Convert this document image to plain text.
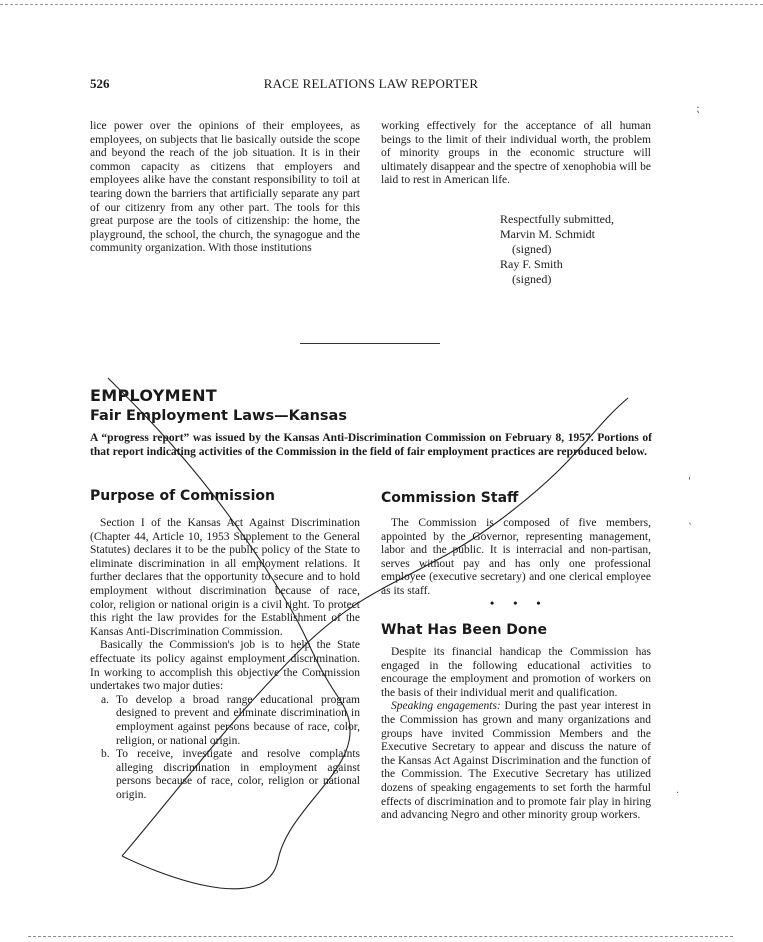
526	RACE RELATIONS LAW REPORTER

lice power over the opinions of their employees, as employees, on subjects that lie basically outside the scope and beyond the reach of the job situation. It is in their common capacity as citizens that employers and employees alike have the constant responsibility to toil at tearing down the barriers that artificially separate any part of our citizenry from any other part. The tools for this great purpose are the tools of citizenship: the home, the playground, the school, the church, the synagogue and the community organization. With those institutions

working effectively for the acceptance of all human beings to the limit of their individual worth, the problem of minority groups in the economic structure will ultimately disappear and the spectre of xenophobia will be laid to rest in American life.

Respectfully submitted,
Marvin M. Schmidt
(signed)
Ray F. Smith
(signed)
EMPLOYMENT
Fair Employment Laws—Kansas
A “progress report” was issued by the Kansas Anti-Discrimination Commission on February 8, 1957. Portions of that report indicating activities of the Commission in the field of fair employment practices are reproduced below.
Purpose of Commission

Section I of the Kansas Act Against Discrimination (Chapter 44, Article 10, 1953 Supplement to the General Statutes) declares it to be the public policy of the State to eliminate discrimination in all employment relations. It further declares that the opportunity to secure and to hold employment without discrimination because of race, color, religion or national origin is a civil right. To protect this right the law provides for the Establishment of the Kansas Anti-Discrimination Commission.

Basically the Commission's job is to help the State effectuate its policy against employment discrimination. In working to accomplish this objective the Commission undertakes two major duties:

a. To develop a broad range educational program designed to prevent and eliminate discrimination in employment against persons because of race, color, religion, or national origin.
b. To receive, investigate and resolve complaints alleging discrimination in employment against persons because of race, color, religion or national origin.
Commission Staff

The Commission is composed of five members, appointed by the Governor, representing management, labor and the public. It is interracial and non-partisan, serves without pay and has only one professional employee (executive secretary) and one clerical employee as its staff.

• • •
What Has Been Done

Despite its financial handicap the Commission has engaged in the following educational activities to encourage the employment and promotion of workers on the basis of their individual merit and qualification.

Speaking engagements: During the past year interest in the Commission has grown and many organizations and groups have invited Commission Members and the Executive Secretary to appear and discuss the nature of the Kansas Act Against Discrimination and the function of the Commission. The Executive Secretary has utilized dozens of speaking engagements to set forth the harmful effects of discrimination and to promote fair play in hiring and advancing Negro and other minority group workers.

⁏
'
ˎ
·
